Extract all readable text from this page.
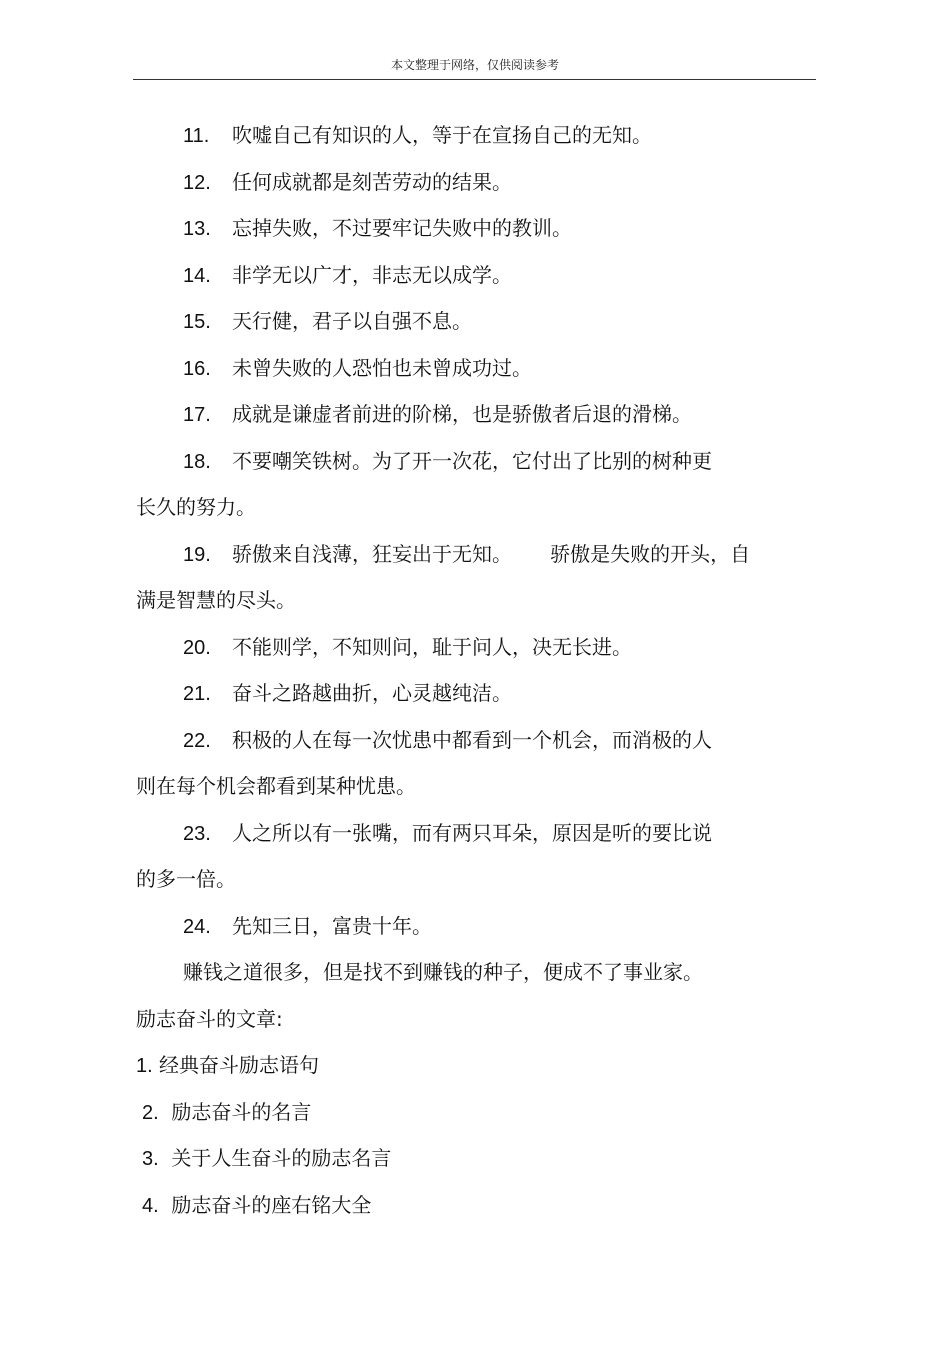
本文整理于网络，仅供阅读参考
11. 吹嘘自己有知识的人，等于在宣扬自己的无知。
12. 任何成就都是刻苦劳动的结果。
13. 忘掉失败，不过要牢记失败中的教训。
14. 非学无以广才，非志无以成学。
15. 天行健，君子以自强不息。
16. 未曾失败的人恐怕也未曾成功过。
17. 成就是谦虚者前进的阶梯，也是骄傲者后退的滑梯。
18. 不要嘲笑铁树。为了开一次花，它付出了比别的树种更
长久的努力。
19. 骄傲来自浅薄，狂妄出于无知。      骄傲是失败的开头，自
满是智慧的尽头。
20. 不能则学，不知则问，耻于问人，决无长进。
21. 奋斗之路越曲折，心灵越纯洁。
22. 积极的人在每一次忧患中都看到一个机会，而消极的人
则在每个机会都看到某种忧患。
23. 人之所以有一张嘴，而有两只耳朵，原因是听的要比说
的多一倍。
24. 先知三日，富贵十年。
赚钱之道很多，但是找不到赚钱的种子，便成不了事业家。
励志奋斗的文章:
1. 经典奋斗励志语句
2. 励志奋斗的名言
3. 关于人生奋斗的励志名言
4. 励志奋斗的座右铭大全
